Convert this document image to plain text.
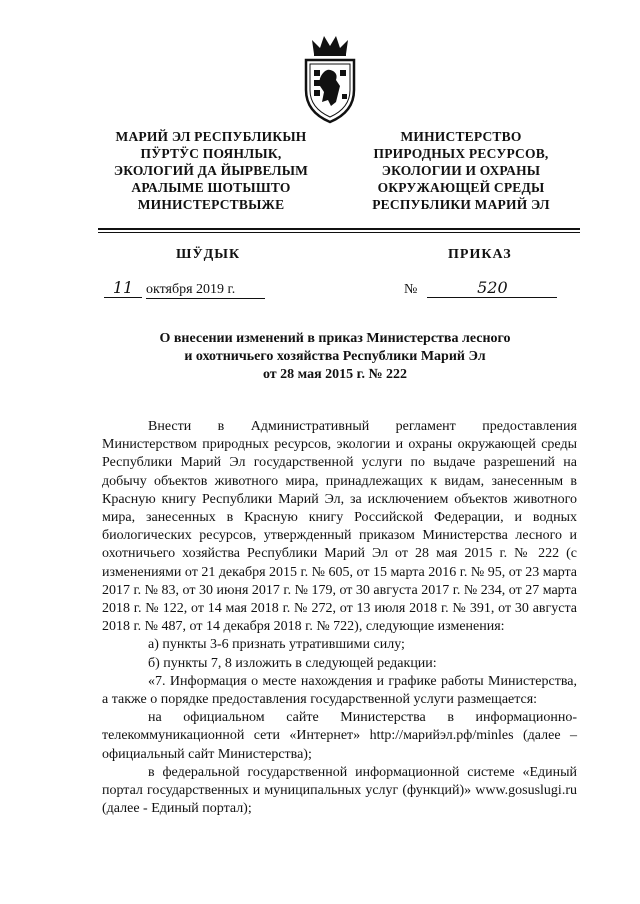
МАРИЙ ЭЛ РЕСПУБЛИКЫН
ПӰРТӰС ПОЯНЛЫК,
ЭКОЛОГИЙ ДА ЙЫРВЕЛЫМ
АРАЛЫМЕ ШОТЫШТО
МИНИСТЕРСТВЫЖЕ
МИНИСТЕРСТВО
ПРИРОДНЫХ РЕСУРСОВ,
ЭКОЛОГИИ И ОХРАНЫ
ОКРУЖАЮЩЕЙ СРЕДЫ
РЕСПУБЛИКИ МАРИЙ ЭЛ
ШӰДЫК	ПРИКАЗ
11 октября 2019 г.	№	520
О внесении изменений в приказ Министерства лесного
и охотничьего хозяйства Республики Марий Эл
от 28 мая 2015 г. № 222

Внести в Административный регламент предоставления Министерством природных ресурсов, экологии и охраны окружающей среды Республики Марий Эл государственной услуги по выдаче разрешений на добычу объектов животного мира, принадлежащих к видам, занесенным в Красную книгу Республики Марий Эл, за исключением объектов животного мира, занесенных в Красную книгу Российской Федерации, и водных биологических ресурсов, утвержденный приказом Министерства лесного и охотничьего хозяйства Республики Марий Эл от 28 мая 2015 г. № 222 (с изменениями от 21 декабря 2015 г. № 605, от 15 марта 2016 г. № 95, от 23 марта 2017 г. № 83, от 30 июня 2017 г. № 179, от 30 августа 2017 г. № 234, от 27 марта 2018 г. № 122, от 14 мая 2018 г. № 272, от 13 июля 2018 г. № 391, от 30 августа 2018 г. № 487, от 14 декабря 2018 г. № 722), следующие изменения:

а) пункты 3-6 признать утратившими силу;

б) пункты 7, 8 изложить в следующей редакции:

«7. Информация о месте нахождения и графике работы Министерства, а также о порядке предоставления государственной услуги размещается:

на официальном сайте Министерства в информационно-телекоммуникационной сети «Интернет» http://марийэл.рф/minles (далее – официальный сайт Министерства);

в федеральной государственной информационной системе «Единый портал государственных и муниципальных услуг (функций)» www.gosuslugi.ru (далее - Единый портал);
